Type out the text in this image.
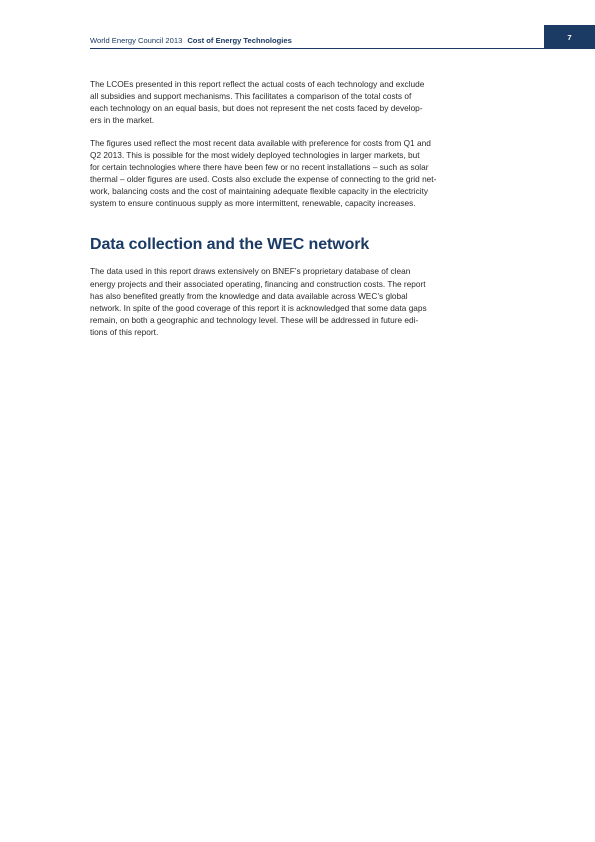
World Energy Council 2013 Cost of Energy Technologies	7

The LCOEs presented in this report reflect the actual costs of each technology and exclude
all subsidies and support mechanisms. This facilitates a comparison of the total costs of
each technology on an equal basis, but does not represent the net costs faced by develop-
ers in the market.

The figures used reflect the most recent data available with preference for costs from Q1 and
Q2 2013. This is possible for the most widely deployed technologies in larger markets, but
for certain technologies where there have been few or no recent installations – such as solar
thermal – older figures are used. Costs also exclude the expense of connecting to the grid net-
work, balancing costs and the cost of maintaining adequate flexible capacity in the electricity
system to ensure continuous supply as more intermittent, renewable, capacity increases.

Data collection and the WEC network

The data used in this report draws extensively on BNEF’s proprietary database of clean
energy projects and their associated operating, financing and construction costs. The report
has also benefited greatly from the knowledge and data available across WEC’s global
network. In spite of the good coverage of this report it is acknowledged that some data gaps
remain, on both a geographic and technology level. These will be addressed in future edi-
tions of this report.
